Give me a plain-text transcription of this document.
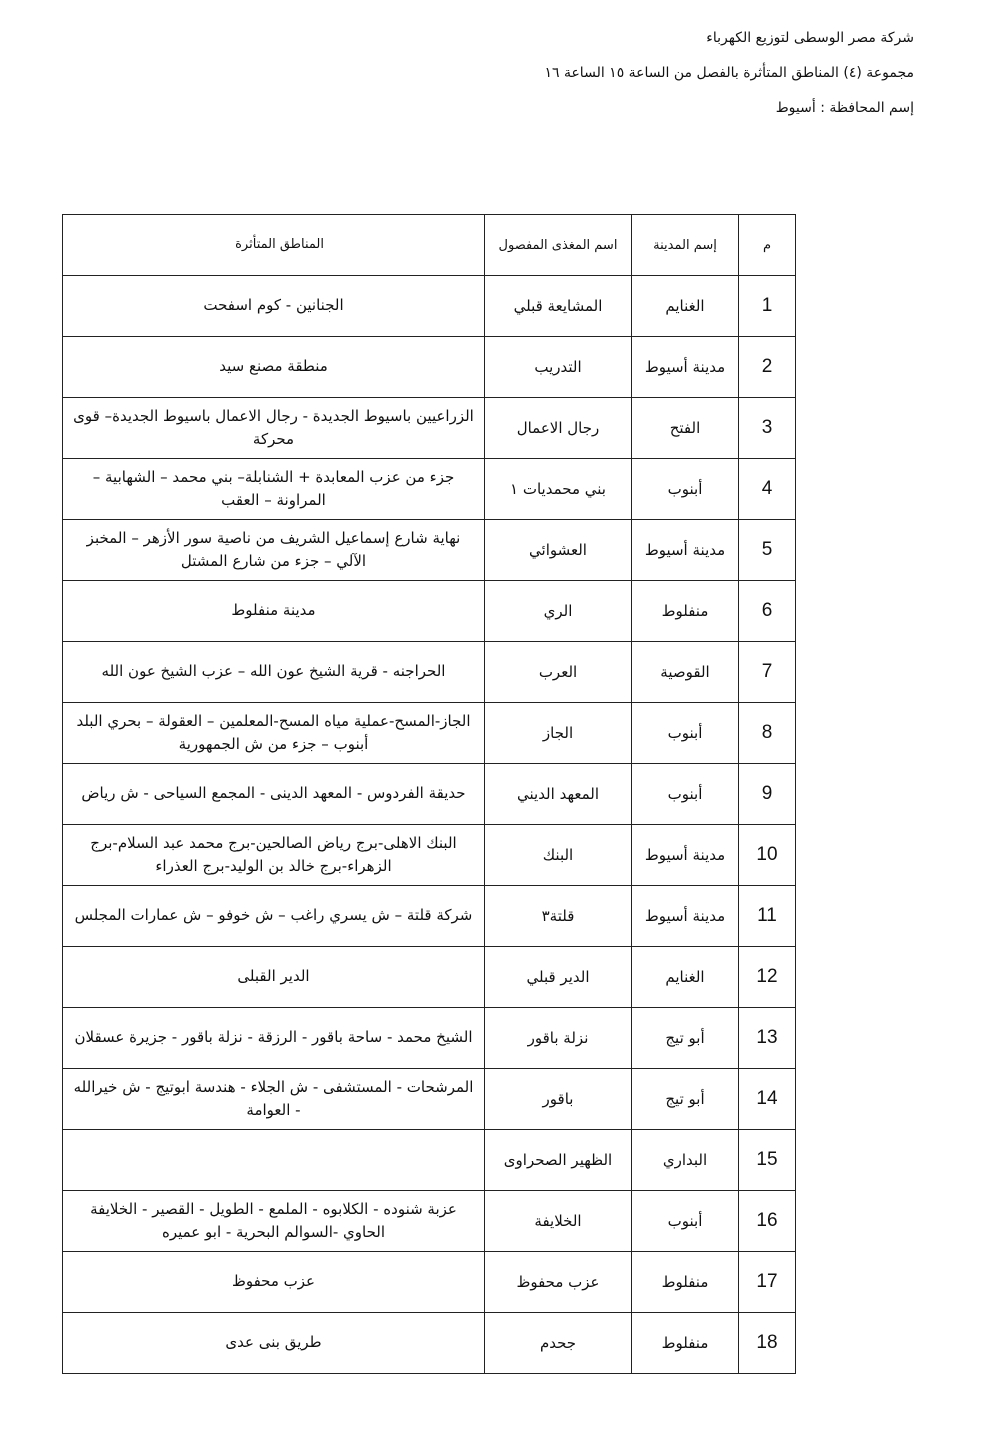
شركة مصر الوسطى لتوزيع الكهرباء
مجموعة (٤) المناطق المتأثرة بالفصل من الساعة ١٥ الساعة ١٦
إسم المحافظة : أسيوط
م	إسم المدينة	اسم المغذى المفصول	المناطق المتأثرة
1	الغنايم	المشايعة قبلي	الجنانين - كوم اسفحت
2	مدينة أسيوط	التدريب	منطقة مصنع سيد
3	الفتح	رجال الاعمال	الزراعيين باسيوط الجديدة - رجال الاعمال باسيوط الجديدة– قوى محركة
4	أبنوب	بني محمديات ١	جزء من عزب المعابدة + الشنابلة– بني محمد – الشهابية – المراونة – العقب
5	مدينة أسيوط	العشوائي	نهاية شارع إسماعيل الشريف من ناصية سور الأزهر – المخبز الآلي – جزء من شارع المشتل
6	منفلوط	الري	مدينة منفلوط
7	القوصية	العرب	الحراجنه - قرية الشيخ عون الله – عزب الشيخ عون الله
8	أبنوب	الجاز	الجاز-المسح-عملية مياه المسح-المعلمين – العقولة – بحري البلد أبنوب – جزء من ش الجمهورية
9	أبنوب	المعهد الديني	حديقة الفردوس - المعهد الدينى - المجمع السياحى - ش رياض
10	مدينة أسيوط	البنك	البنك الاهلى-برج رياض الصالحين-برج محمد عبد السلام-برج الزهراء-برج خالد بن الوليد-برج العذراء
11	مدينة أسيوط	قلتة٣	شركة قلتة – ش يسري راغب – ش خوفو – ش عمارات المجلس
12	الغنايم	الدير قبلي	الدير القبلى
13	أبو تيج	نزلة باقور	الشيخ محمد - ساحة باقور - الرزقة - نزلة باقور - جزيرة عسقلان
14	أبو تيج	باقور	المرشحات - المستشفى - ش الجلاء - هندسة ابوتيج - ش خيرالله - العوامة
15	البداري	الظهير الصحراوى	
16	أبنوب	الخلايفة	عزبة شنوده - الكلابوه - الملمع - الطويل - القصير - الخلايفة الحاوي -السوالم البحرية - ابو عميره
17	منفلوط	عزب محفوظ	عزب محفوظ
18	منفلوط	جحدم	طريق بنى عدى
